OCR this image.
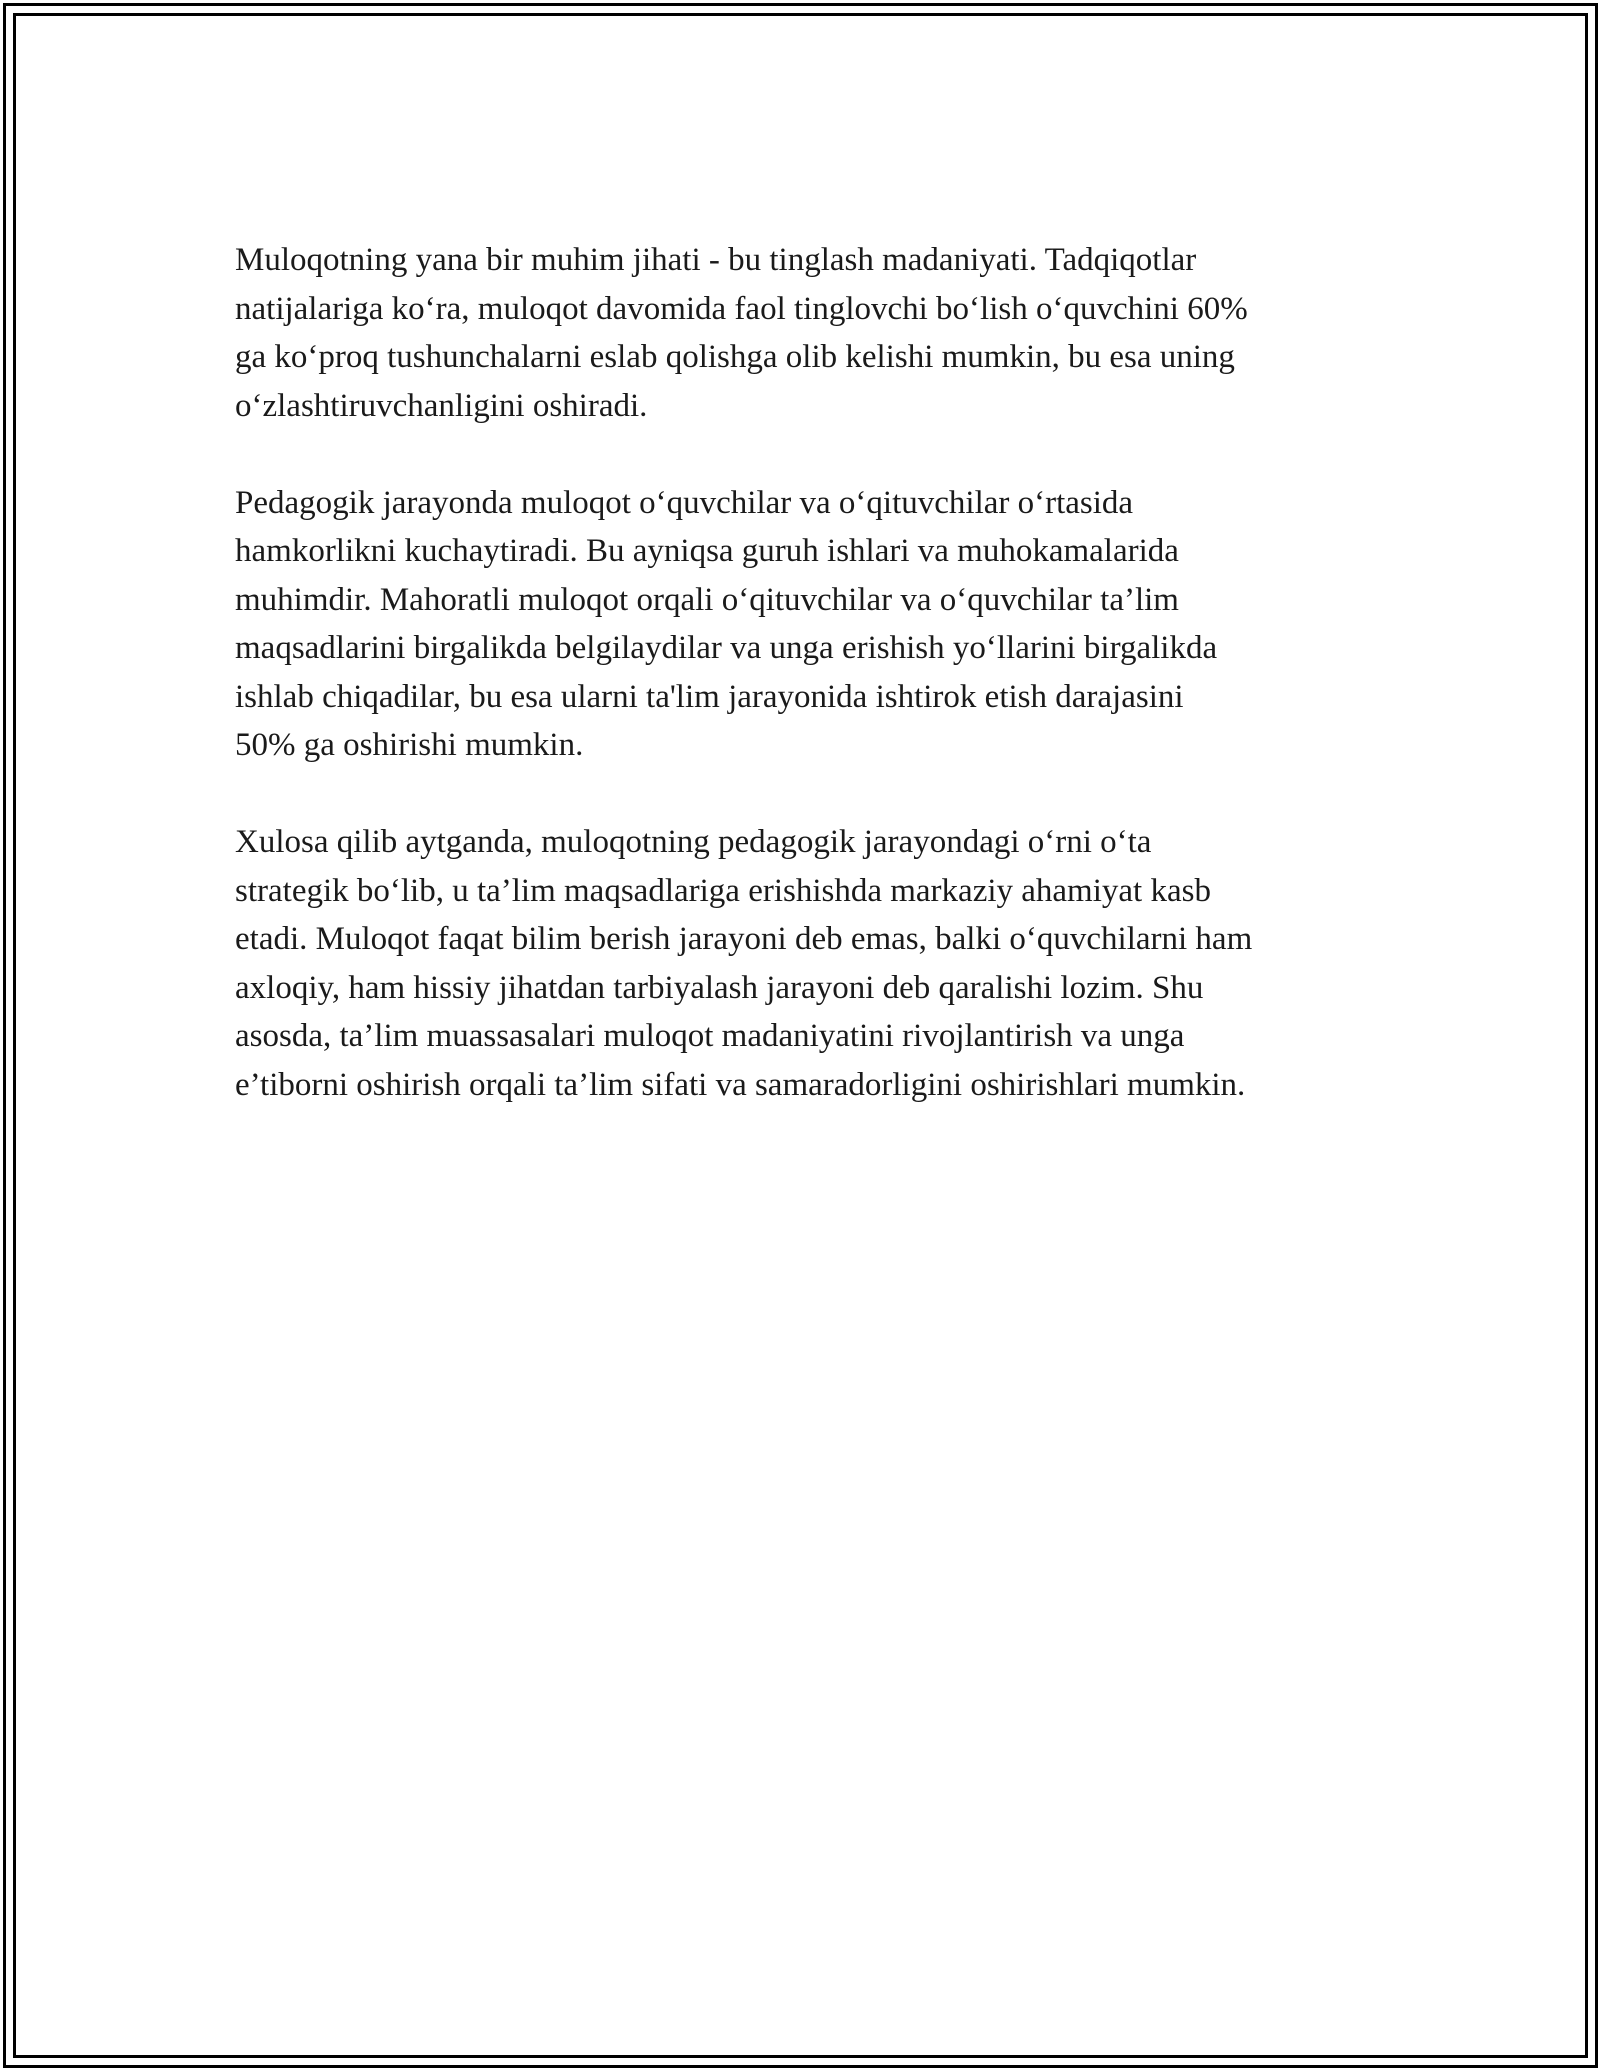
Muloqotning yana bir muhim jihati - bu tinglash madaniyati. Tadqiqotlar
natijalariga ko‘ra, muloqot davomida faol tinglovchi bo‘lish o‘quvchini 60%
ga ko‘proq tushunchalarni eslab qolishga olib kelishi mumkin, bu esa uning
o‘zlashtiruvchanligini oshiradi.

Pedagogik jarayonda muloqot o‘quvchilar va o‘qituvchilar o‘rtasida
hamkorlikni kuchaytiradi. Bu ayniqsa guruh ishlari va muhokamalarida
muhimdir. Mahoratli muloqot orqali o‘qituvchilar va o‘quvchilar ta’lim
maqsadlarini birgalikda belgilaydilar va unga erishish yo‘llarini birgalikda
ishlab chiqadilar, bu esa ularni ta'lim jarayonida ishtirok etish darajasini
50% ga oshirishi mumkin.

Xulosa qilib aytganda, muloqotning pedagogik jarayondagi o‘rni o‘ta
strategik bo‘lib, u ta’lim maqsadlariga erishishda markaziy ahamiyat kasb
etadi. Muloqot faqat bilim berish jarayoni deb emas, balki o‘quvchilarni ham
axloqiy, ham hissiy jihatdan tarbiyalash jarayoni deb qaralishi lozim. Shu
asosda, ta’lim muassasalari muloqot madaniyatini rivojlantirish va unga
e’tiborni oshirish orqali ta’lim sifati va samaradorligini oshirishlari mumkin.
